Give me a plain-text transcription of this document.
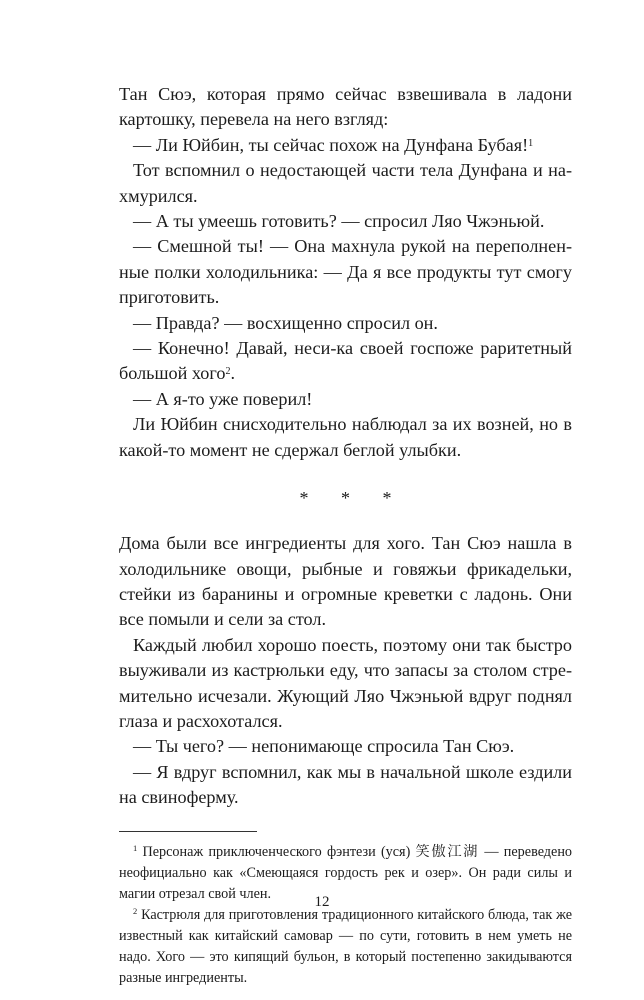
Тан Сюэ, которая прямо сейчас взвешивала в ладони картошку, перевела на него взгляд:

— Ли Юйбин, ты сейчас похож на Дунфана Бубая!$^1$

Тот вспомнил о недостающей части тела Дунфана и нахмурился.

— А ты умеешь готовить? — спросил Ляо Чжэньюй.

— Смешной ты! — Она махнула рукой на переполненные полки холодильника: — Да я все продукты тут смогу приготовить.

— Правда? — восхищенно спросил он.

— Конечно! Давай, неси-ка своей госпоже раритетный большой хого$^2$.

— А я-то уже поверил!

Ли Юйбин снисходительно наблюдал за их возней, но в какой-то момент не сдержал беглой улыбки.

* * *

Дома были все ингредиенты для хого. Тан Сюэ нашла в холодильнике овощи, рыбные и говяжьи фрикадельки, стейки из баранины и огромные креветки с ладонь. Они все помыли и сели за стол.

Каждый любил хорошо поесть, поэтому они так быстро выуживали из кастрюльки еду, что запасы за столом стремительно исчезали. Жующий Ляо Чжэньюй вдруг поднял глаза и расхохотался.

— Ты чего? — непонимающе спросила Тан Сюэ.

— Я вдруг вспомнил, как мы в начальной школе ездили на свиноферму.

$^1$ Персонаж приключенческого фэнтези (уся) 笑傲江湖 — переведено неофициально как «Смеющаяся гордость рек и озер». Он ради силы и магии отрезал свой член.

$^2$ Кастрюля для приготовления традиционного китайского блюда, так же известный как китайский самовар — по сути, готовить в нем уметь не надо. Хого — это кипящий бульон, в который постепенно закидываются разные ингредиенты.

12
